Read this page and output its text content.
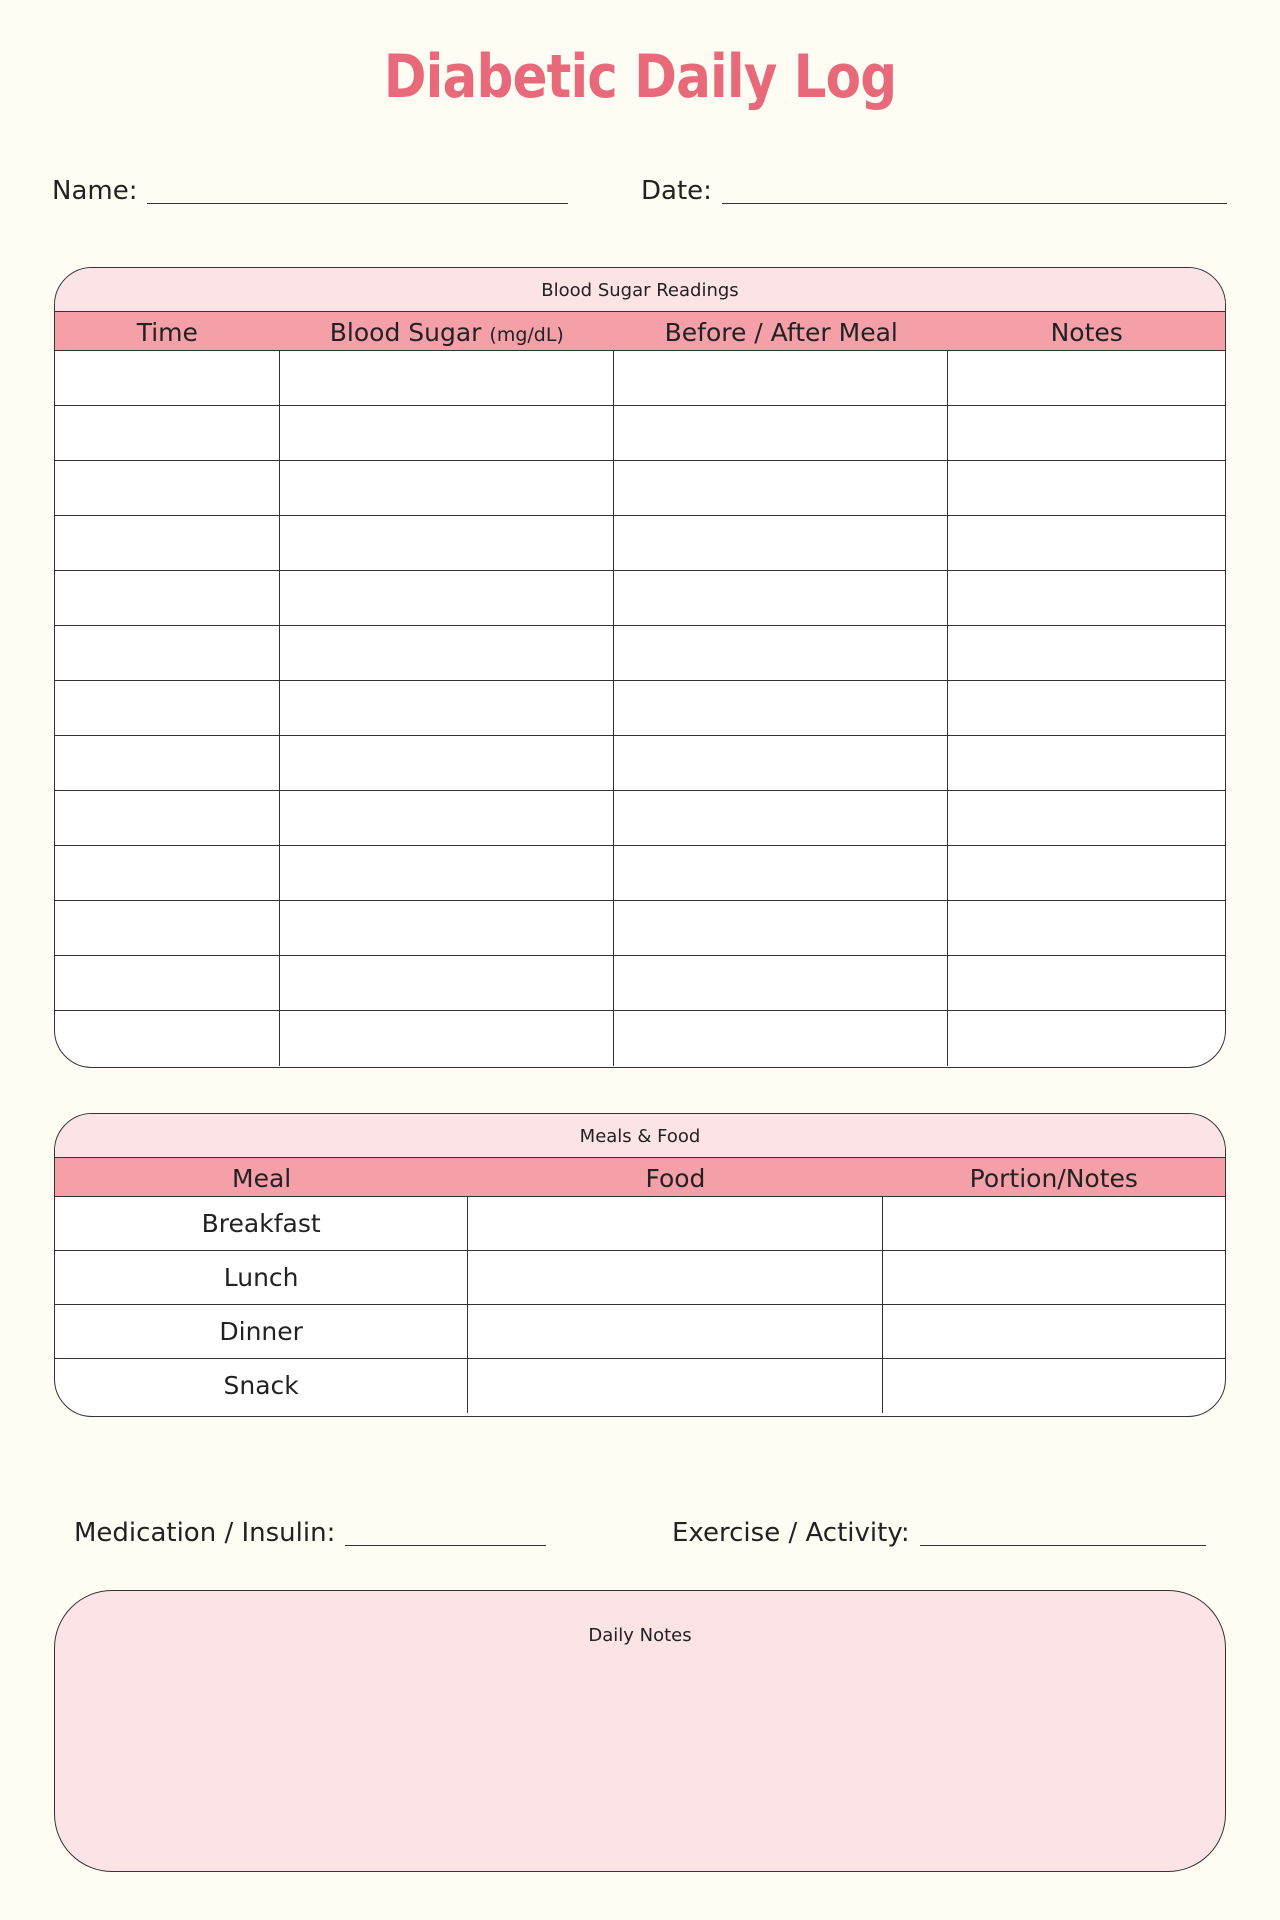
Diabetic Daily Log
Name:	Date:
Blood Sugar Readings
Time	Blood Sugar (mg/dL)	Before / After Meal	Notes
Meals & Food
Meal	Food	Portion/Notes
Breakfast
Lunch
Dinner
Snack
Medication / Insulin:	Exercise / Activity:
Daily Notes
